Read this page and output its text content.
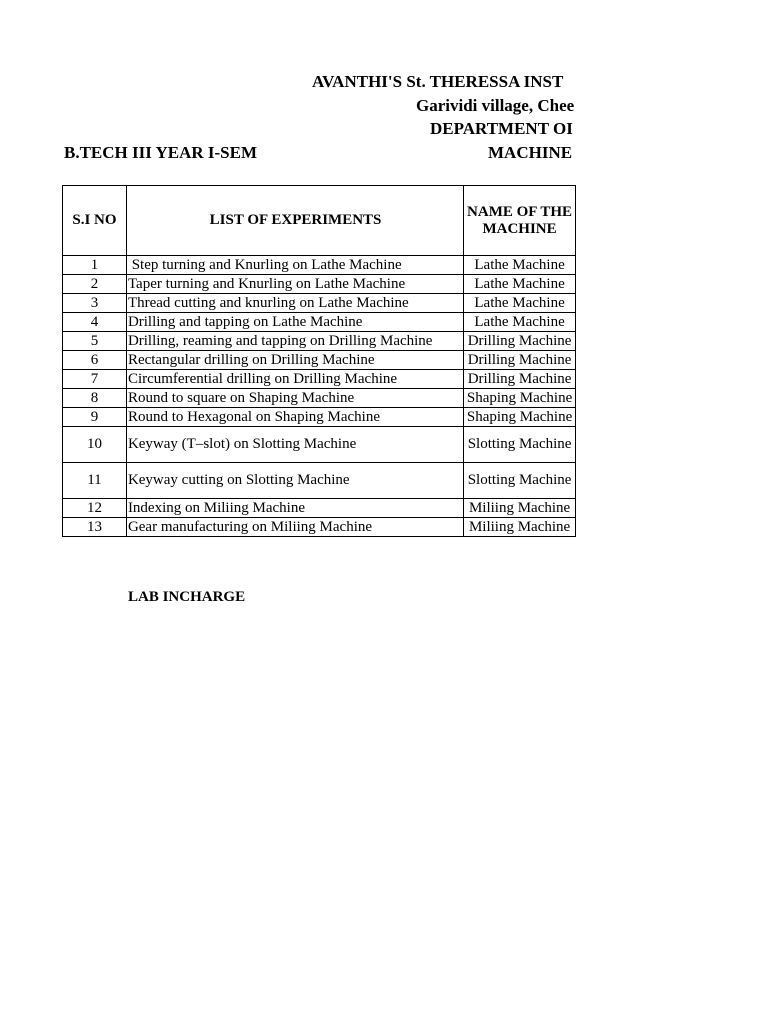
AVANTHI'S St. THERESSA INST
Garividi village, Chee
DEPARTMENT OI
B.TECH III YEAR I-SEM	MACHINE
S.I NO	LIST OF EXPERIMENTS	NAME OF THE MACHINE
1	Step turning and Knurling on Lathe Machine	Lathe Machine
2	Taper turning and Knurling on Lathe Machine	Lathe Machine
3	Thread cutting and knurling on Lathe Machine	Lathe Machine
4	Drilling and tapping on Lathe Machine	Lathe Machine
5	Drilling, reaming and tapping on Drilling Machine	Drilling Machine
6	Rectangular drilling on Drilling Machine	Drilling Machine
7	Circumferential drilling on Drilling Machine	Drilling Machine
8	Round to square on Shaping Machine	Shaping Machine
9	Round to Hexagonal on Shaping Machine	Shaping Machine
10	Keyway (T–slot) on Slotting Machine	Slotting Machine
11	Keyway cutting on Slotting Machine	Slotting Machine
12	Indexing on Miliing Machine	Miliing Machine
13	Gear manufacturing on Miliing Machine	Miliing Machine
LAB INCHARGE
